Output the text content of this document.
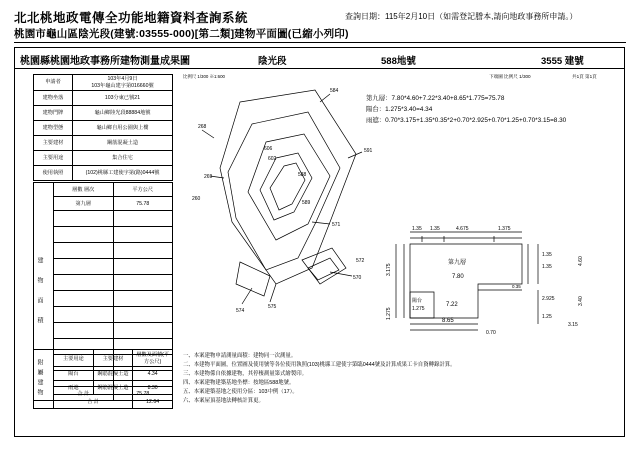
北北桃地政電傳全功能地籍資料查詢系統
桃園市龜山區陰光段(建號:03555-000)[第二類]建物平面圖(已縮小列印)
查詢日期：115年2月10日（如需登記謄本,請向地政事務所申請。）
桃園縣桃園地政事務所建物測量成果圖	陰光段	588地號	3555 建號
比例尺 1/300 ※1:600	下端圖 比例尺 1/300	共1頁 第1頁
申請者	103年4月9日
103年龜山建字第016660號

建物坐落	103分東已號21
建物門牌	龜山鄉陸光段88884地號
建物型態	龜山鄉自用公園與上樓
主要建材	鋼筋混凝土造
主要用途	集合住宅
使用執照	(102)桃縣工建使字第(路)0444號
建 物 面 積	層數 層次	平方公尺
	第九層	75.78

	合 計	75.78
附屬建物	主要用途	主要建材	層數及面積(平方公尺)
	陽台	鋼筋混凝土造	4.34
	雨遮	鋼筋混凝土造	8.30
	合 計		12.64
一、本案建物申請測量面積：建物同一次測量。
二、本建物平面圖，位置圖及使用號等各位使用執照(103)桃縣工建使字第臨0444號及計算成果工卡自資轉錄計算。
三、本建物係自依據建物，其停棲測量第式繪製印。
四、本案建物建築基地坐標：按地區588地號。
五、本案建築基地之使用分區：103中例（17）。
六、本案屋頂基地法轉核計算更。
第九層：7.80*4.60+7.22*3.40+8.65*1.775=75.78
陽台：1.275*3.40=4.34
雨遮：0.70*3.175+1.35*0.35*2+0.70*2.925+0.70*1.25+0.70*3.15=8.30
584
591
570
572
571
575
574
268
269
260
606
602
588
589
1.35 1.35	4.675	1.375
3.175
1.275
1.35
1.35
2.925
1.25
4.60
3.40
3.15
第九層
7.80
7.22
8.65
陽台
1.275
0.70
0.35
